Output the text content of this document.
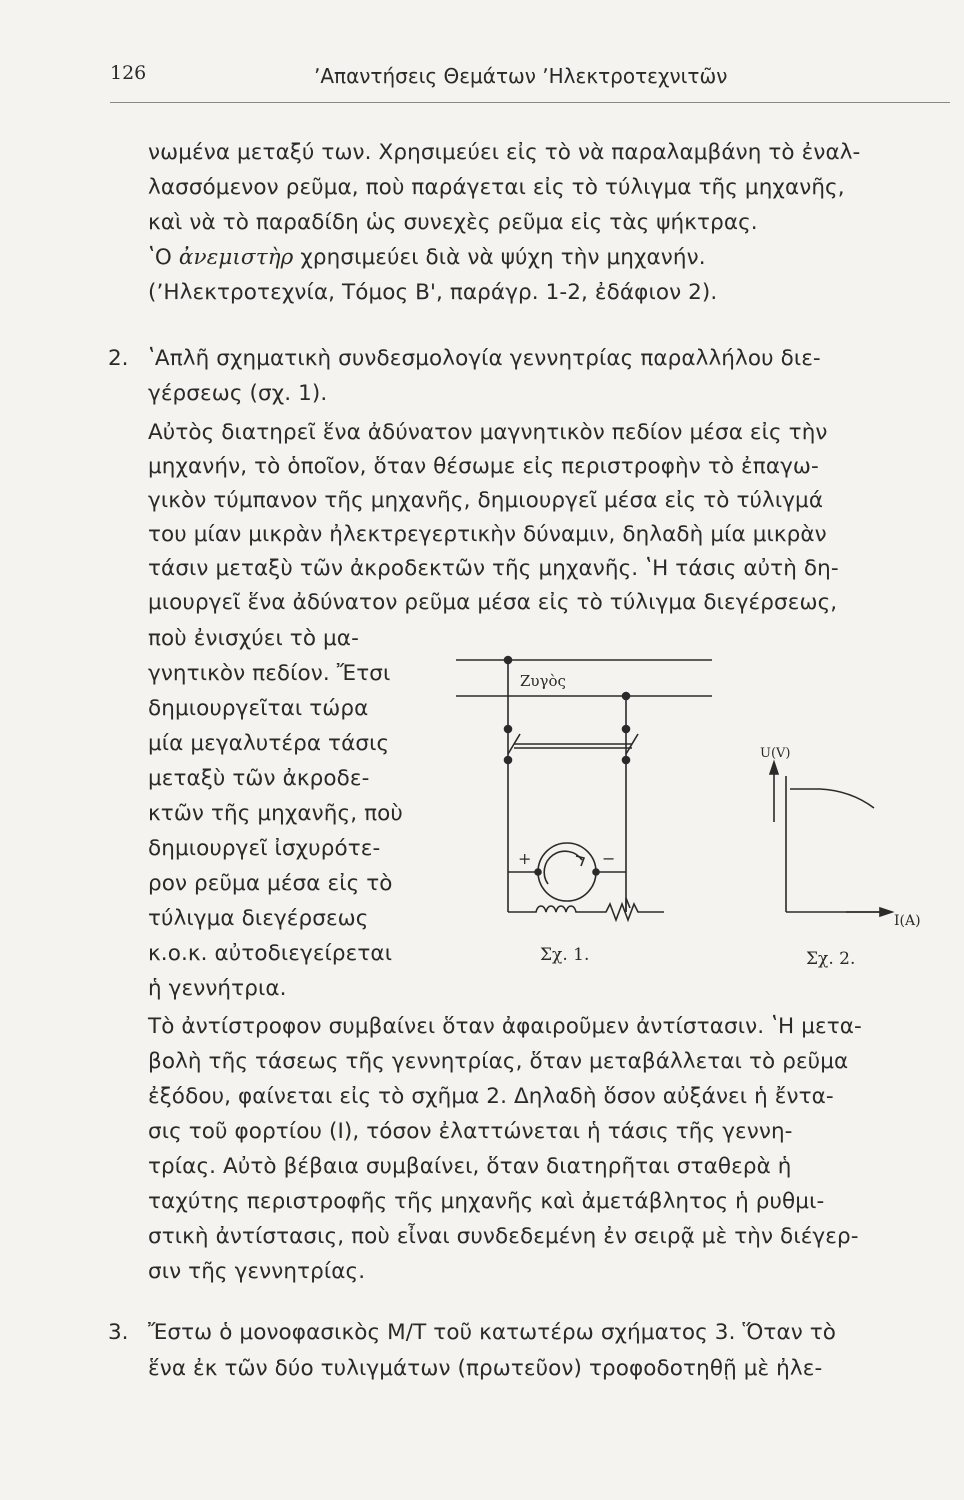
126	ʼΑπαντήσεις Θεμάτων ʼΗλεκτροτεχνιτῶν
νωμένα μεταξύ των. Χρησιμεύει εἰς τὸ νὰ παραλαμβάνη τὸ ἐναλ-
λασσόμενον ρεῦμα, ποὺ παράγεται εἰς τὸ τύλιγμα τῆς μηχανῆς,
καὶ νὰ τὸ παραδίδη ὡς συνεχὲς ρεῦμα εἰς τὰς ψήκτρας.
ʽΟ ἀνεμιστὴρ χρησιμεύει διὰ νὰ ψύχη τὴν μηχανήν.
(ʼΗλεκτροτεχνία, Τόμος Β', παράγρ. 1-2, ἐδάφιον 2).
2. ʽΑπλῆ σχηματικὴ συνδεσμολογία γεννητρίας παραλλήλου διε-
γέρσεως (σχ. 1).
Αὐτὸς διατηρεῖ ἕνα ἀδύνατον μαγνητικὸν πεδίον μέσα εἰς τὴν
μηχανήν, τὸ ὁποῖον, ὅταν θέσωμε εἰς περιστροφὴν τὸ ἐπαγω-
γικὸν τύμπανον τῆς μηχανῆς, δημιουργεῖ μέσα εἰς τὸ τύλιγμά
του μίαν μικρὰν ἠλεκτρεγερτικὴν δύναμιν, δηλαδὴ μία μικρὰν
τάσιν μεταξὺ τῶν ἀκροδεκτῶν τῆς μηχανῆς. ʽΗ τάσις αὐτὴ δη-
μιουργεῖ ἕνα ἀδύνατον ρεῦμα μέσα εἰς τὸ τύλιγμα διεγέρσεως,
ποὺ ἐνισχύει τὸ μα-
γνητικὸν πεδίον. Ἔτσι
δημιουργεῖται τώρα
μία μεγαλυτέρα τάσις
μεταξὺ τῶν ἀκροδε-
κτῶν τῆς μηχανῆς, ποὺ
δημιουργεῖ ἰσχυρότε-
ρον ρεῦμα μέσα εἰς τὸ
τύλιγμα διεγέρσεως
κ.ο.κ. αὐτοδιεγείρεται
ἡ γεννήτρια.
Τὸ ἀντίστροφον συμβαίνει ὅταν ἀφαιροῦμεν ἀντίστασιν. ʽΗ μετα-
βολὴ τῆς τάσεως τῆς γεννητρίας, ὅταν μεταβάλλεται τὸ ρεῦμα
ἐξόδου, φαίνεται εἰς τὸ σχῆμα 2. Δηλαδὴ ὅσον αὐξάνει ἡ ἔντα-
σις τοῦ φορτίου (I), τόσον ἐλαττώνεται ἡ τάσις τῆς γεννη-
τρίας. Αὐτὸ βέβαια συμβαίνει, ὅταν διατηρῆται σταθερὰ ἡ
ταχύτης περιστροφῆς τῆς μηχανῆς καὶ ἀμετάβλητος ἡ ρυθμι-
στικὴ ἀντίστασις, ποὺ εἶναι συνδεδεμένη ἐν σειρᾷ μὲ τὴν διέγερ-
σιν τῆς γεννητρίας.
3. Ἔστω ὁ μονοφασικὸς Μ/Τ τοῦ κατωτέρω σχήματος 3. Ὅταν τὸ
ἕνα ἐκ τῶν δύο τυλιγμάτων (πρωτεῦον) τροφοδοτηθῇ μὲ ἠλε-
Ζυγὸς
+	−
Σχ. 1.
U(V)
I(A)
Σχ. 2.
